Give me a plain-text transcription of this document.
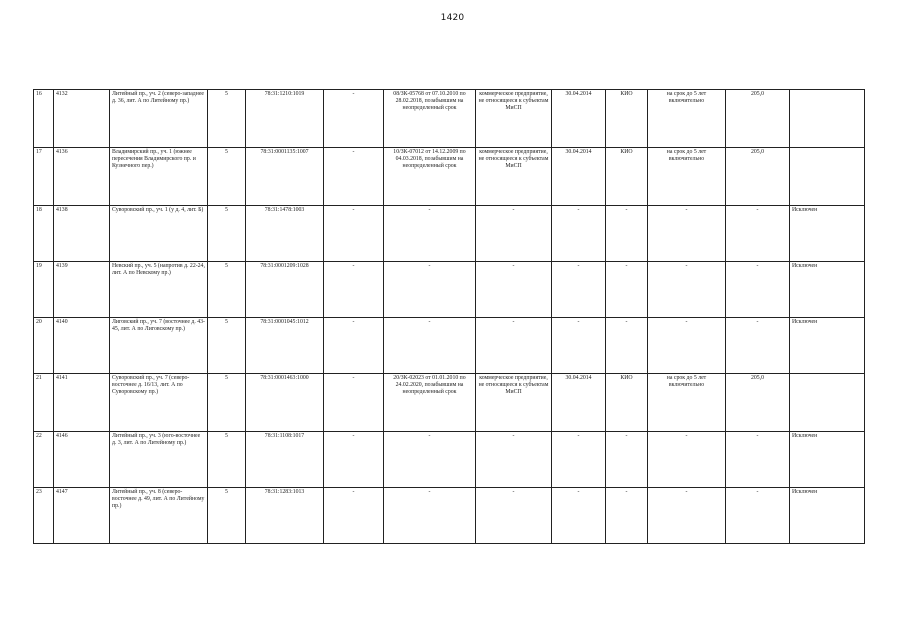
1420
16	4132	Литейный пр., уч. 2 (северо-западнее д. 36, лит. А по Литейному пр.)	5	78:31:1210:1019	-	08/ЗК-05768 от 07.10.2010 по 28.02.2018, позабывшим на неопределенный срок	коммерческое предприятие, не относящееся к субъектам МиСП	30.04.2014	КИО	на срок до 5 лет включительно	205,0	

17	4136	Владимирский пр., уч. 1 (южнее пересечения Владимирского пр. и Кузнечного пер.)	5	78:31:0001135:1007	-	10/ЗК-07012 от 14.12.2009 по 04.03.2018, позабывшим на неопределенный срок	коммерческое предприятие, не относящееся к субъектам МиСП	30.04.2014	КИО	на срок до 5 лет включительно	205,0	

18	4138	Суворовский пр., уч. 1 (у д. 4, лит. Б)	5	78:31:1478:1003	-	-	-	-	-	-	-	Исключен

19	4139	Невский пр., уч. 5 (напротив д. 22-24, лит. А по Невскому пр.)	5	78:31:0001209:1028	-	-	-	-	-	-	-	Исключен

20	4140	Лиговский пр., уч. 7 (восточнее д. 43-45, лит. А по Лиговскому пр.)	5	78:31:0001045:1012	-	-	-	-	-	-	-	Исключен

21	4141	Суворовский пр., уч. 7 (северо-восточнее д. 16/13, лит. А по Суворовскому пр.)	5	78:31:0001463:1000	-	20/ЗК-02023 от 01.01.2010 по 24.02.2020, позабывшим на неопределенный срок	коммерческое предприятие, не относящееся к субъектам МиСП	30.04.2014	КИО	на срок до 5 лет включительно	205,0	

22	4146	Литейный пр., уч. 3 (юго-восточнее д. 3, лит. А по Литейному пр.)	5	78:31:1108:1017	-	-	-	-	-	-	-	Исключен

23	4147	Литейный пр., уч. 8 (северо-восточнее д. 49, лит. А по Литейному пр.)	5	78:31:1283:1013	-	-	-	-	-	-	-	Исключен
